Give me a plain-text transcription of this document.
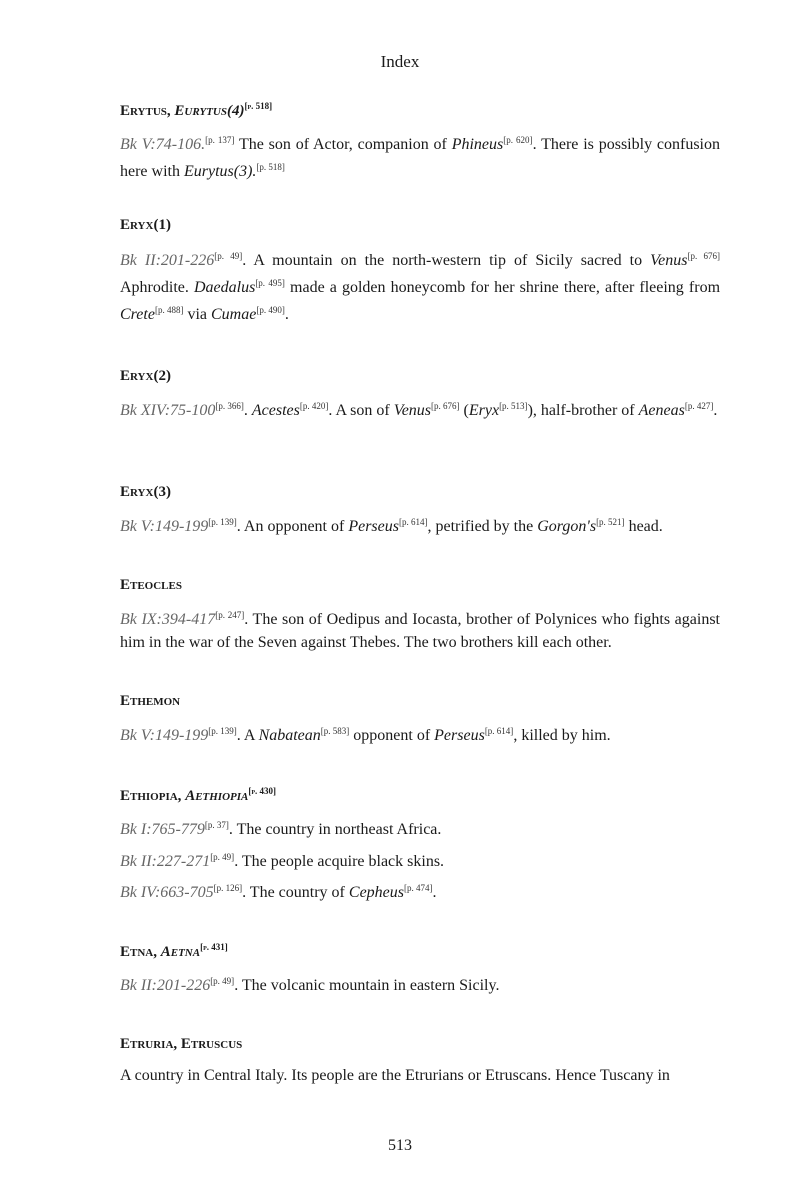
Index
Erytus, Eurytus(4)[p. 518]
Bk V:74-106.[p. 137] The son of Actor, companion of Phineus[p. 620]. There is possibly confusion here with Eurytus(3).[p. 518]
Eryx(1)
Bk II:201-226[p. 49]. A mountain on the north-western tip of Sicily sacred to Venus[p. 676] Aphrodite. Daedalus[p. 495] made a golden honeycomb for her shrine there, after fleeing from Crete[p. 488] via Cumae[p. 490].
Eryx(2)
Bk XIV:75-100[p. 366]. Acestes[p. 420]. A son of Venus[p. 676] (Eryx[p. 513]), half-brother of Aeneas[p. 427].
Eryx(3)
Bk V:149-199[p. 139]. An opponent of Perseus[p. 614], petrified by the Gorgon's[p. 521] head.
Eteocles
Bk IX:394-417[p. 247]. The son of Oedipus and Iocasta, brother of Polynices who fights against him in the war of the Seven against Thebes. The two brothers kill each other.
Ethemon
Bk V:149-199[p. 139]. A Nabatean[p. 583] opponent of Perseus[p. 614], killed by him.
Ethiopia, Aethiopia[p. 430]
Bk I:765-779[p. 37]. The country in northeast Africa.
Bk II:227-271[p. 49]. The people acquire black skins.
Bk IV:663-705[p. 126]. The country of Cepheus[p. 474].
Etna, Aetna[p. 431]
Bk II:201-226[p. 49]. The volcanic mountain in eastern Sicily.
Etruria, Etruscus
A country in Central Italy. Its people are the Etrurians or Etruscans. Hence Tuscany in
513
